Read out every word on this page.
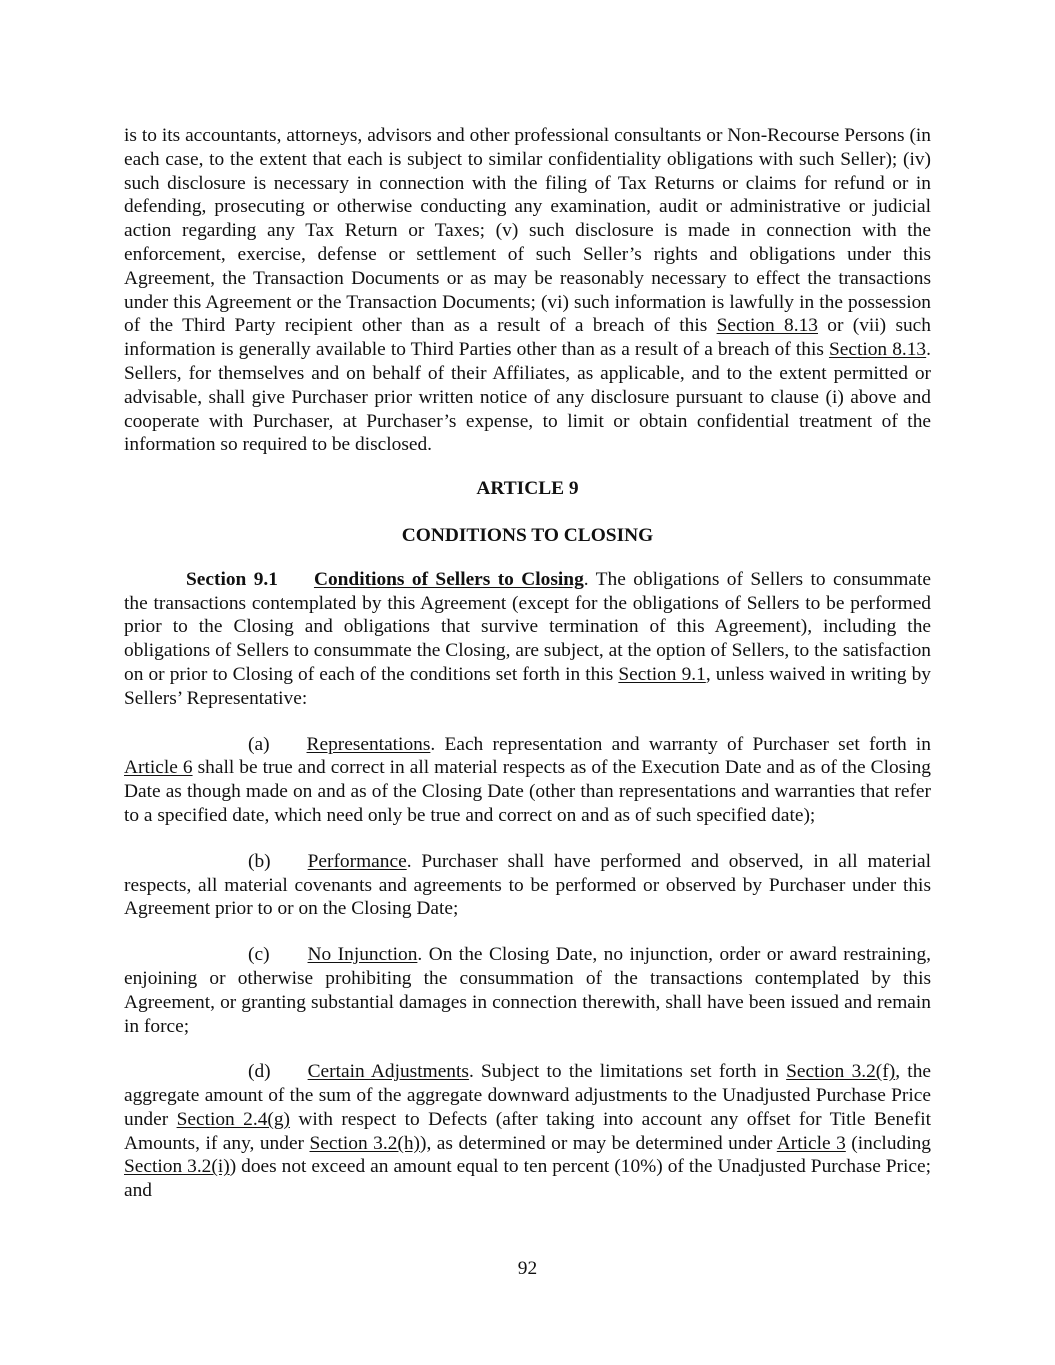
is to its accountants, attorneys, advisors and other professional consultants or Non-Recourse Persons (in each case, to the extent that each is subject to similar confidentiality obligations with such Seller); (iv) such disclosure is necessary in connection with the filing of Tax Returns or claims for refund or in defending, prosecuting or otherwise conducting any examination, audit or administrative or judicial action regarding any Tax Return or Taxes; (v) such disclosure is made in connection with the enforcement, exercise, defense or settlement of such Seller’s rights and obligations under this Agreement, the Transaction Documents or as may be reasonably necessary to effect the transactions under this Agreement or the Transaction Documents; (vi) such information is lawfully in the possession of the Third Party recipient other than as a result of a breach of this Section 8.13 or (vii) such information is generally available to Third Parties other than as a result of a breach of this Section 8.13. Sellers, for themselves and on behalf of their Affiliates, as applicable, and to the extent permitted or advisable, shall give Purchaser prior written notice of any disclosure pursuant to clause (i) above and cooperate with Purchaser, at Purchaser’s expense, to limit or obtain confidential treatment of the information so required to be disclosed.

ARTICLE 9
CONDITIONS TO CLOSING

Section 9.1 Conditions of Sellers to Closing. The obligations of Sellers to consummate the transactions contemplated by this Agreement (except for the obligations of Sellers to be performed prior to the Closing and obligations that survive termination of this Agreement), including the obligations of Sellers to consummate the Closing, are subject, at the option of Sellers, to the satisfaction on or prior to Closing of each of the conditions set forth in this Section 9.1, unless waived in writing by Sellers’ Representative:

(a) Representations. Each representation and warranty of Purchaser set forth in Article 6 shall be true and correct in all material respects as of the Execution Date and as of the Closing Date as though made on and as of the Closing Date (other than representations and warranties that refer to a specified date, which need only be true and correct on and as of such specified date);

(b) Performance. Purchaser shall have performed and observed, in all material respects, all material covenants and agreements to be performed or observed by Purchaser under this Agreement prior to or on the Closing Date;

(c) No Injunction. On the Closing Date, no injunction, order or award restraining, enjoining or otherwise prohibiting the consummation of the transactions contemplated by this Agreement, or granting substantial damages in connection therewith, shall have been issued and remain in force;

(d) Certain Adjustments. Subject to the limitations set forth in Section 3.2(f), the aggregate amount of the sum of the aggregate downward adjustments to the Unadjusted Purchase Price under Section 2.4(g) with respect to Defects (after taking into account any offset for Title Benefit Amounts, if any, under Section 3.2(h)), as determined or may be determined under Article 3 (including Section 3.2(i)) does not exceed an amount equal to ten percent (10%) of the Unadjusted Purchase Price; and

92
